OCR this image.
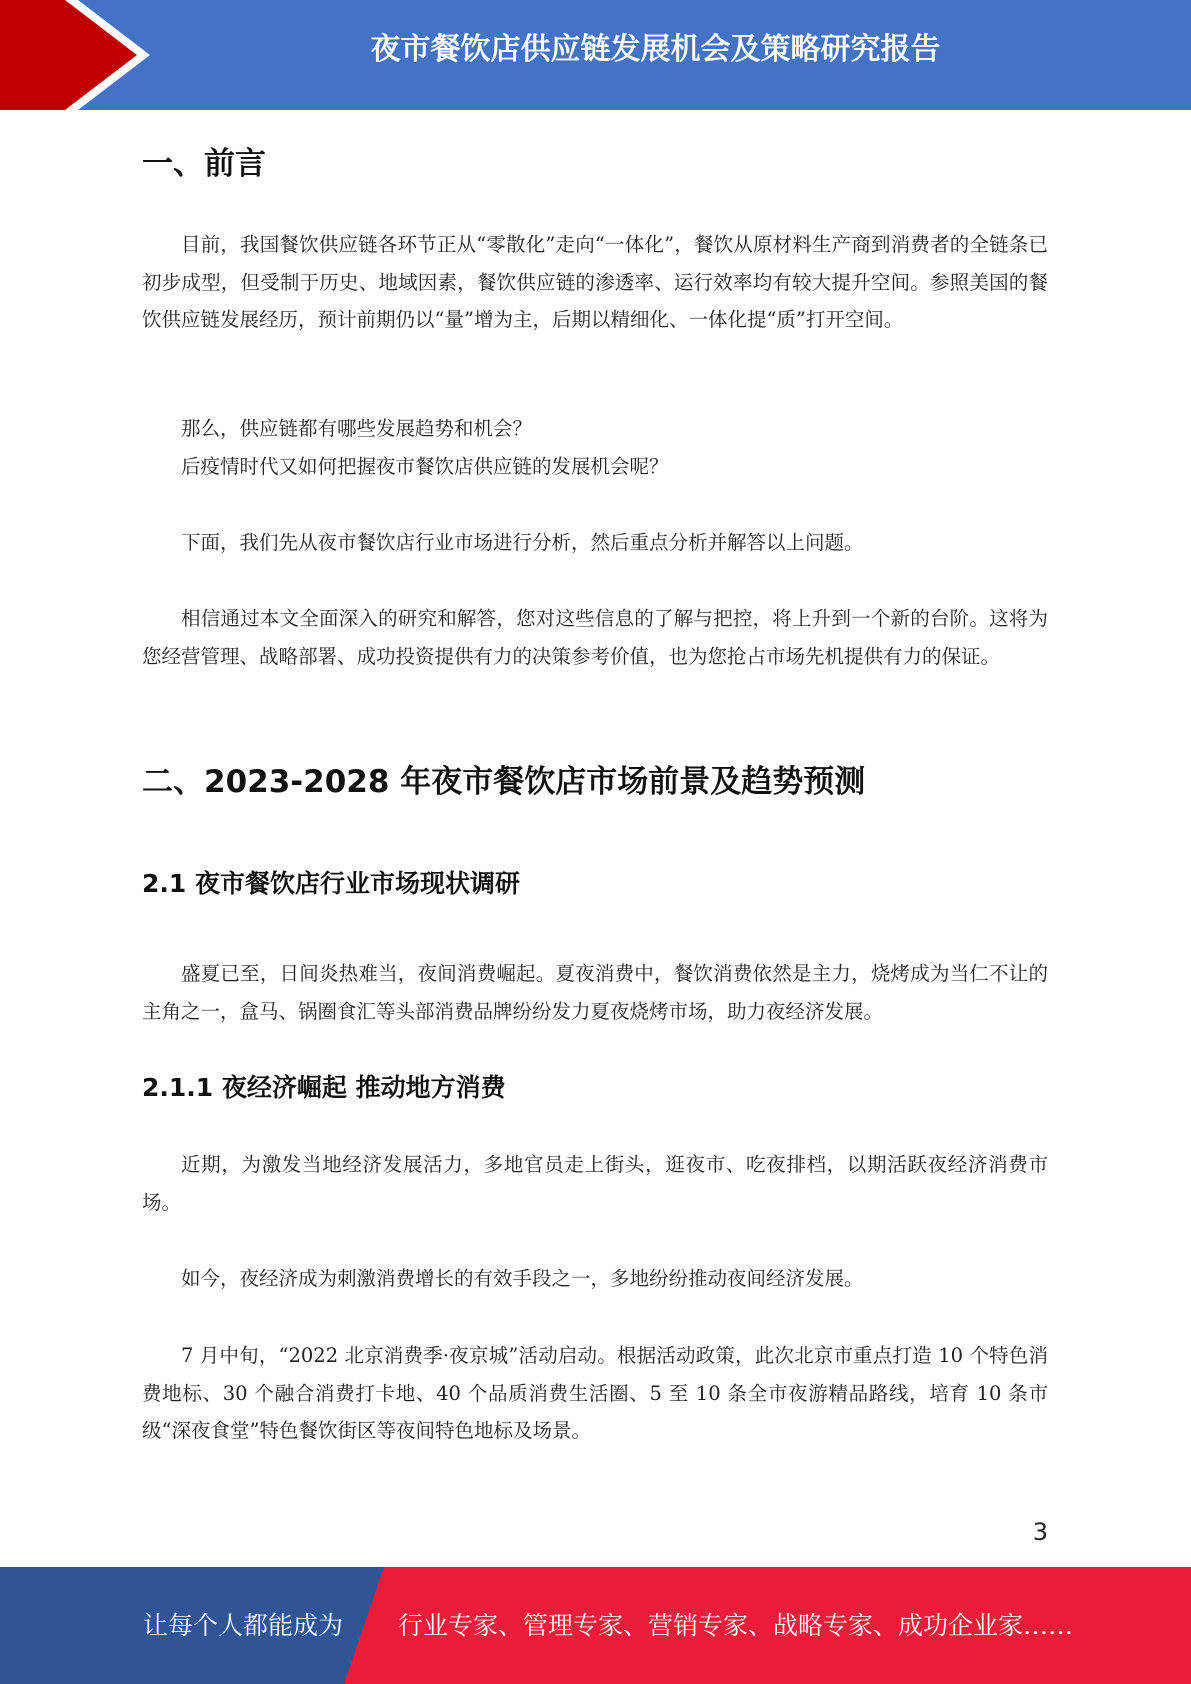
夜市餐饮店供应链发展机会及策略研究报告
一、前言

目前，我国餐饮供应链各环节正从“零散化”走向“一体化”，餐饮从原材料生产商到消费者的全链条已初步成型，但受制于历史、地域因素，餐饮供应链的渗透率、运行效率均有较大提升空间。参照美国的餐饮供应链发展经历，预计前期仍以“量”增为主，后期以精细化、一体化提“质”打开空间。

那么，供应链都有哪些发展趋势和机会？

后疫情时代又如何把握夜市餐饮店供应链的发展机会呢？

下面，我们先从夜市餐饮店行业市场进行分析，然后重点分析并解答以上问题。

相信通过本文全面深入的研究和解答，您对这些信息的了解与把控，将上升到一个新的台阶。这将为您经营管理、战略部署、成功投资提供有力的决策参考价值，也为您抢占市场先机提供有力的保证。

二、2023-2028 年夜市餐饮店市场前景及趋势预测
2.1 夜市餐饮店行业市场现状调研

盛夏已至，日间炎热难当，夜间消费崛起。夏夜消费中，餐饮消费依然是主力，烧烤成为当仁不让的主角之一，盒马、锅圈食汇等头部消费品牌纷纷发力夏夜烧烤市场，助力夜经济发展。

2.1.1 夜经济崛起 推动地方消费

近期，为激发当地经济发展活力，多地官员走上街头，逛夜市、吃夜排档，以期活跃夜经济消费市场。

如今，夜经济成为刺激消费增长的有效手段之一，多地纷纷推动夜间经济发展。

7 月中旬，“2022 北京消费季·夜京城”活动启动。根据活动政策，此次北京市重点打造 10 个特色消费地标、30 个融合消费打卡地、40 个品质消费生活圈、5 至 10 条全市夜游精品路线，培育 10 条市级“深夜食堂”特色餐饮街区等夜间特色地标及场景。

3
让每个人都能成为 行业专家、管理专家、营销专家、战略专家、成功企业家……
